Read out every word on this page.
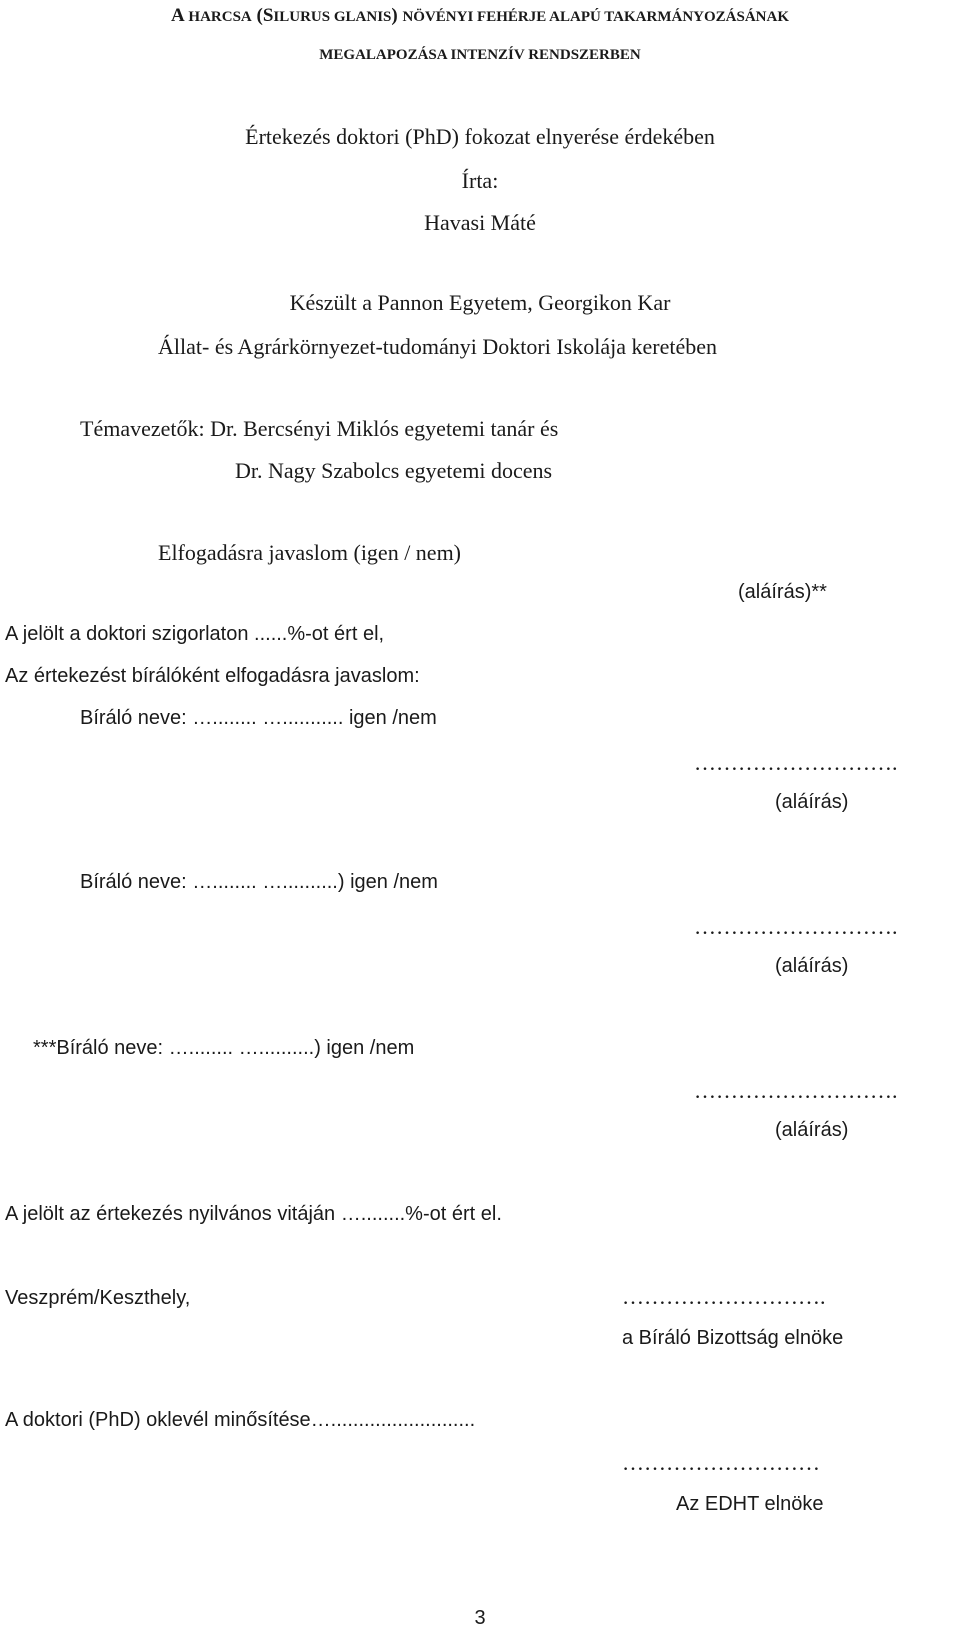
A HARCSA (SILURUS GLANIS) NÖVÉNYI FEHÉRJE ALAPÚ TAKARMÁNYOZÁSÁNAK
MEGALAPOZÁSA INTENZÍV RENDSZERBEN
Értekezés doktori (PhD) fokozat elnyerése érdekében
Írta:
Havasi Máté
Készült a Pannon Egyetem, Georgikon Kar
Állat- és Agrárkörnyezet-tudományi Doktori Iskolája keretében
Témavezetők: Dr. Bercsényi Miklós egyetemi tanár és
Dr. Nagy Szabolcs egyetemi docens
Elfogadásra javaslom (igen / nem)
(aláírás)**
A jelölt a doktori szigorlaton ......%-ot ért el,
Az értekezést bírálóként elfogadásra javaslom:
Bíráló neve: …........ …........... igen /nem
……………………….
(aláírás)
Bíráló neve: …........ …..........) igen /nem
……………………….
(aláírás)
***Bíráló neve: …........ …..........) igen /nem
……………………….
(aláírás)
A jelölt az értekezés nyilvános vitáján …........%-ot ért el.
Veszprém/Keszthely,	……………………….
a Bíráló Bizottság elnöke
A doktori (PhD) oklevél minősítése…..........................
………………………
Az EDHT elnöke
3
